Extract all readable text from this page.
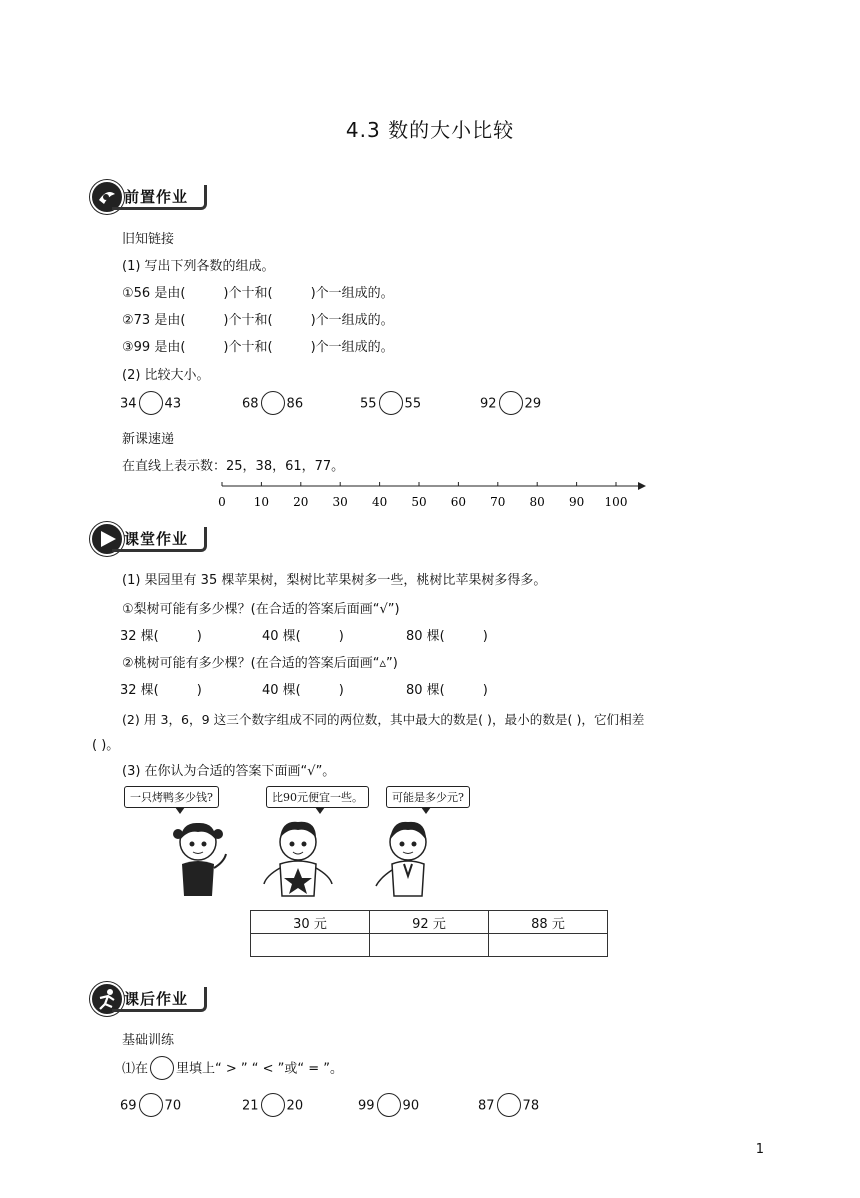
4.3 数的大小比较
前置作业
旧知链接
(1) 写出下列各数的组成。
①56 是由(	)个十和(	)个一组成的。
②73 是由(	)个十和(	)个一组成的。
③99 是由(	)个十和(	)个一组成的。
(2) 比较大小。
34 43	68 86	55 55	92 29
新课速递
在直线上表示数：25，38，61，77。
0 10 20 30 40 50 60 70 80 90 100
课堂作业
(1) 果园里有 35 棵苹果树，梨树比苹果树多一些，桃树比苹果树多得多。
①梨树可能有多少棵？(在合适的答案后面画“√”)
32 棵(	)	40 棵(	)	80 棵(	)
②桃树可能有多少棵？(在合适的答案后面画“▵”)
32 棵(	)	40 棵(	)	80 棵(	)
(2) 用 3，6，9 这三个数字组成不同的两位数，其中最大的数是( )，最小的数是( )，它们相差
( )。
(3) 在你认为合适的答案下面画“√”。
一只烤鸭多少钱?	比90元便宜一些。	可能是多少元?
30 元	92 元	88 元

课后作业
基础训练
⑴在 里填上“ > ” “ < ”或“ = ”。
69 70	21 20	99 90	87 78
1
